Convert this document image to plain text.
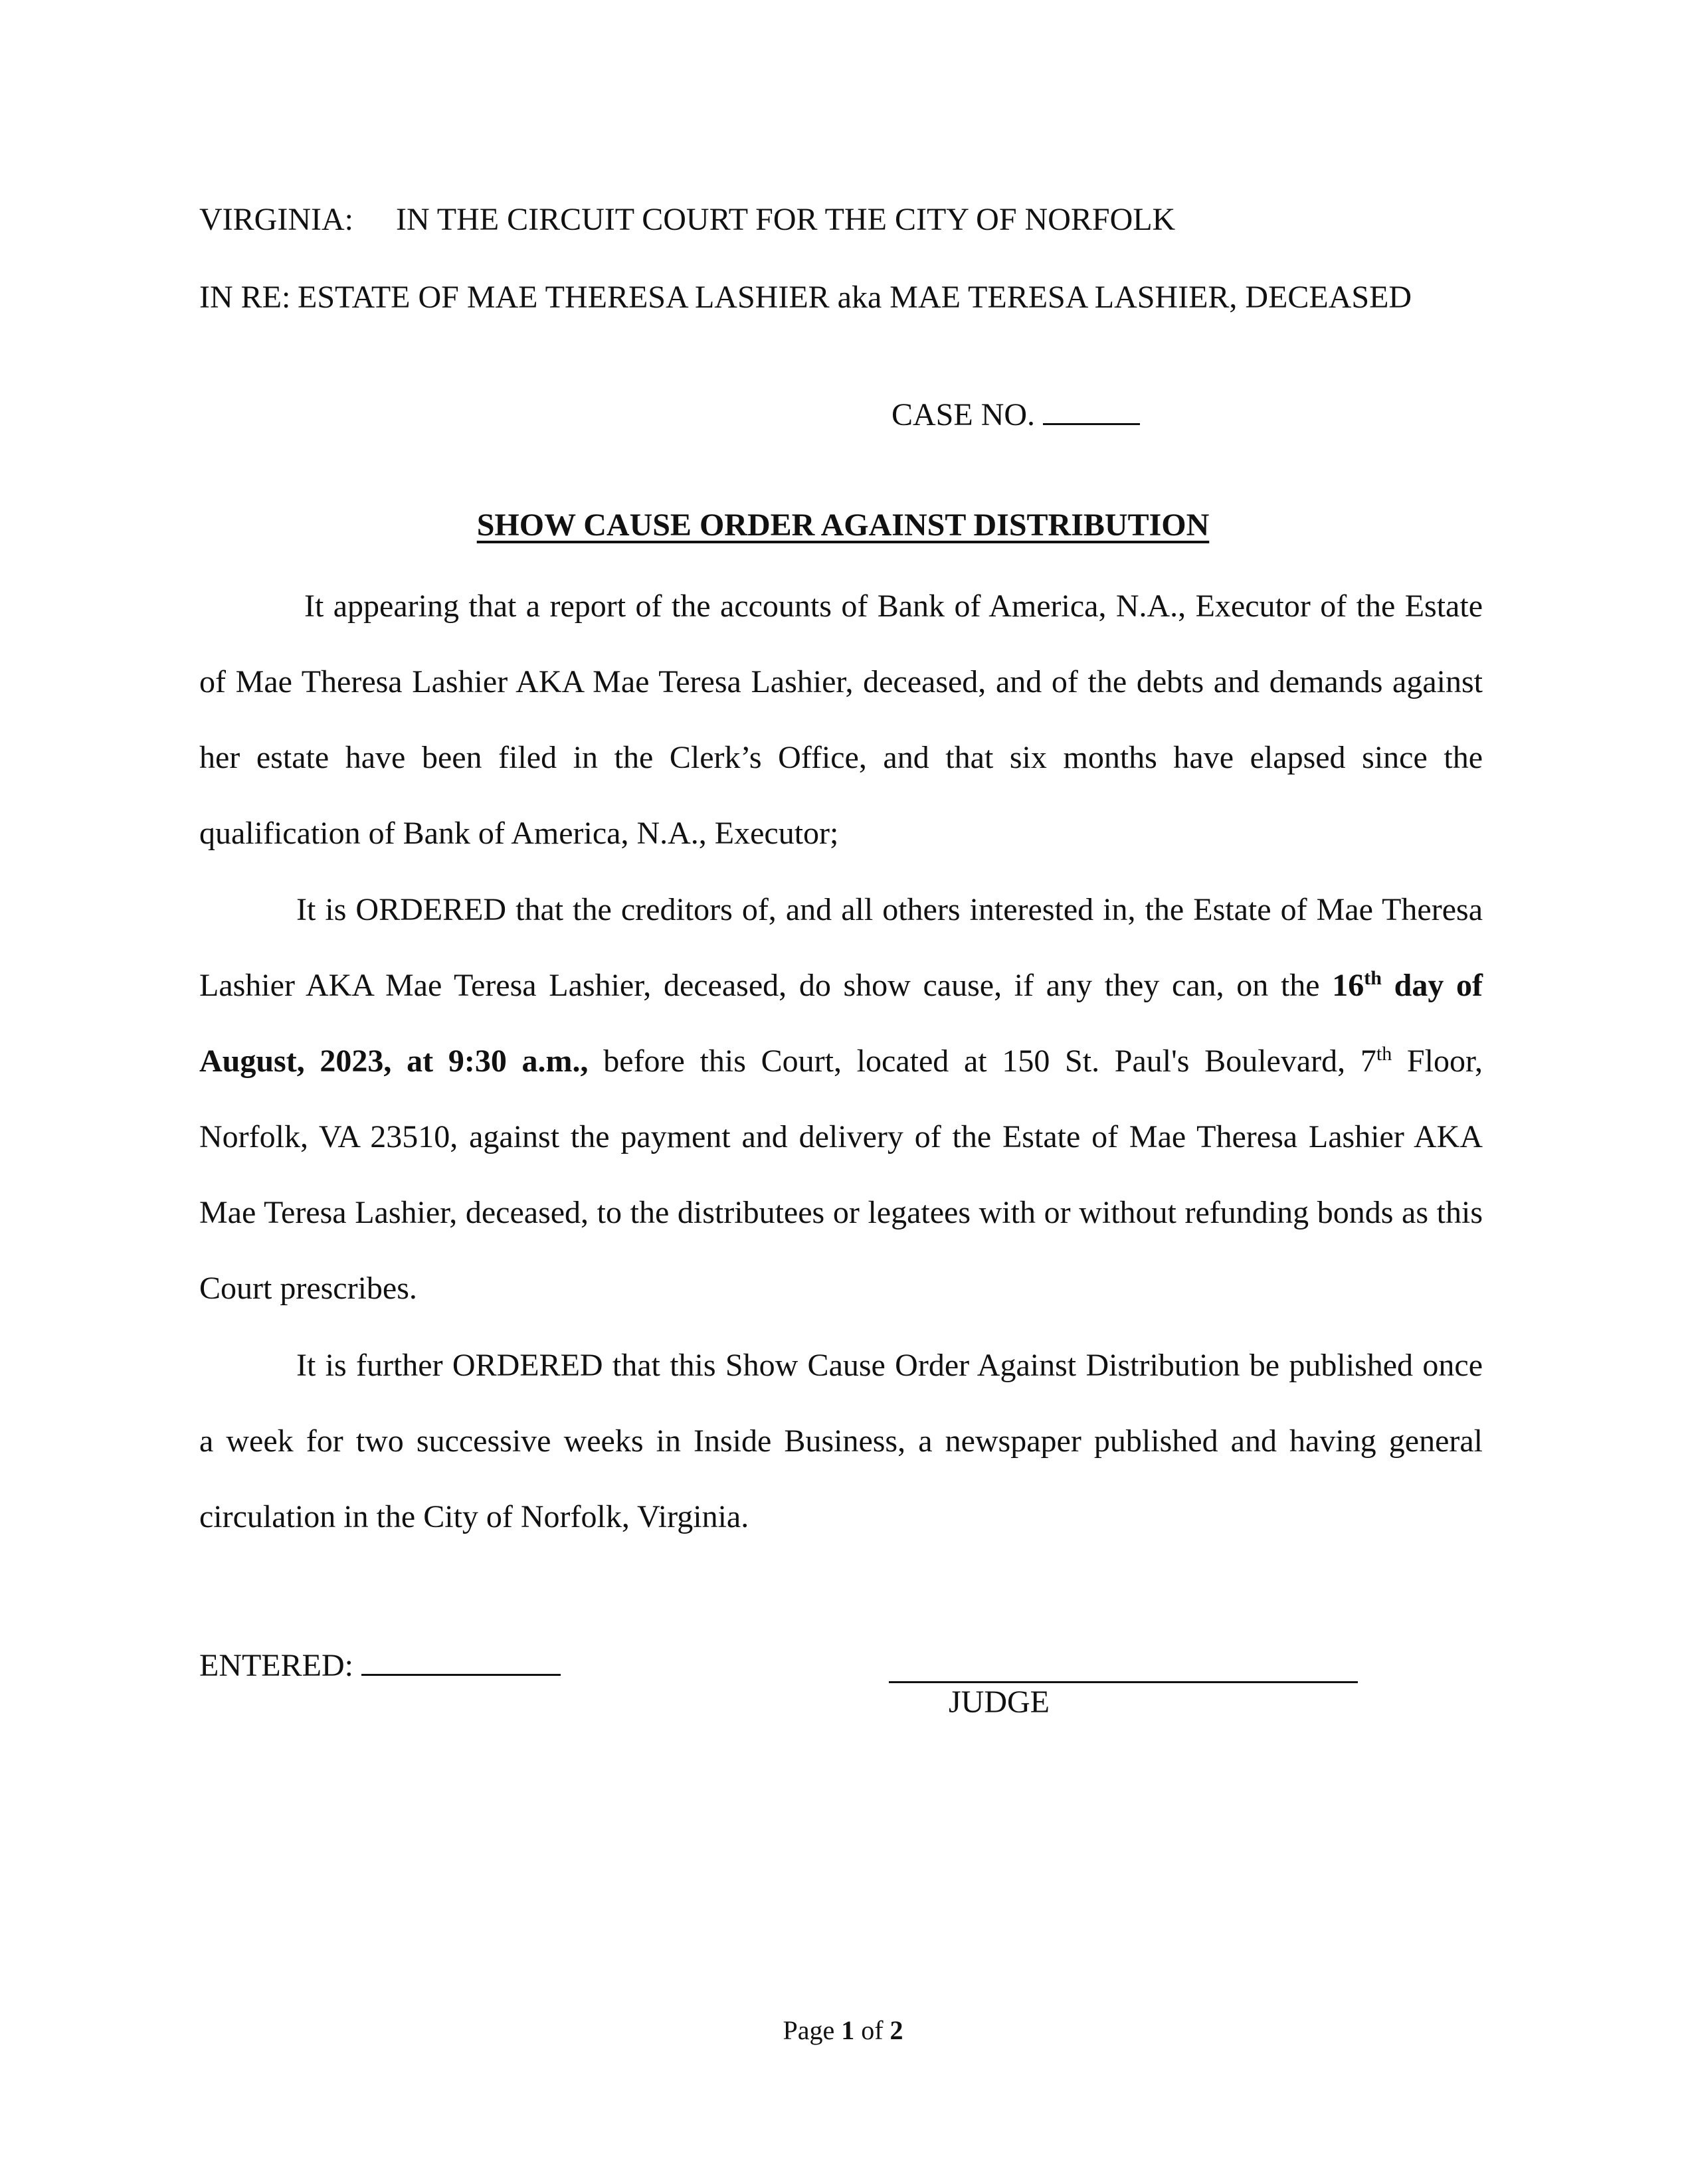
VIRGINIA: IN THE CIRCUIT COURT FOR THE CITY OF NORFOLK
IN RE: ESTATE OF MAE THERESA LASHIER aka MAE TERESA LASHIER, DECEASED
CASE NO.
SHOW CAUSE ORDER AGAINST DISTRIBUTION

It appearing that a report of the accounts of Bank of America, N.A., Executor of the Estate of Mae Theresa Lashier AKA Mae Teresa Lashier, deceased, and of the debts and demands against her estate have been filed in the Clerk’s Office, and that six months have elapsed since the qualification of Bank of America, N.A., Executor;

It is ORDERED that the creditors of, and all others interested in, the Estate of Mae Theresa Lashier AKA Mae Teresa Lashier, deceased, do show cause, if any they can, on the 16th day of August, 2023, at 9:30 a.m., before this Court, located at 150 St. Paul's Boulevard, 7th Floor, Norfolk, VA 23510, against the payment and delivery of the Estate of Mae Theresa Lashier AKA Mae Teresa Lashier, deceased, to the distributees or legatees with or without refunding bonds as this Court prescribes.

It is further ORDERED that this Show Cause Order Against Distribution be published once a week for two successive weeks in Inside Business, a newspaper published and having general circulation in the City of Norfolk, Virginia.

ENTERED:
JUDGE
Page 1 of 2
